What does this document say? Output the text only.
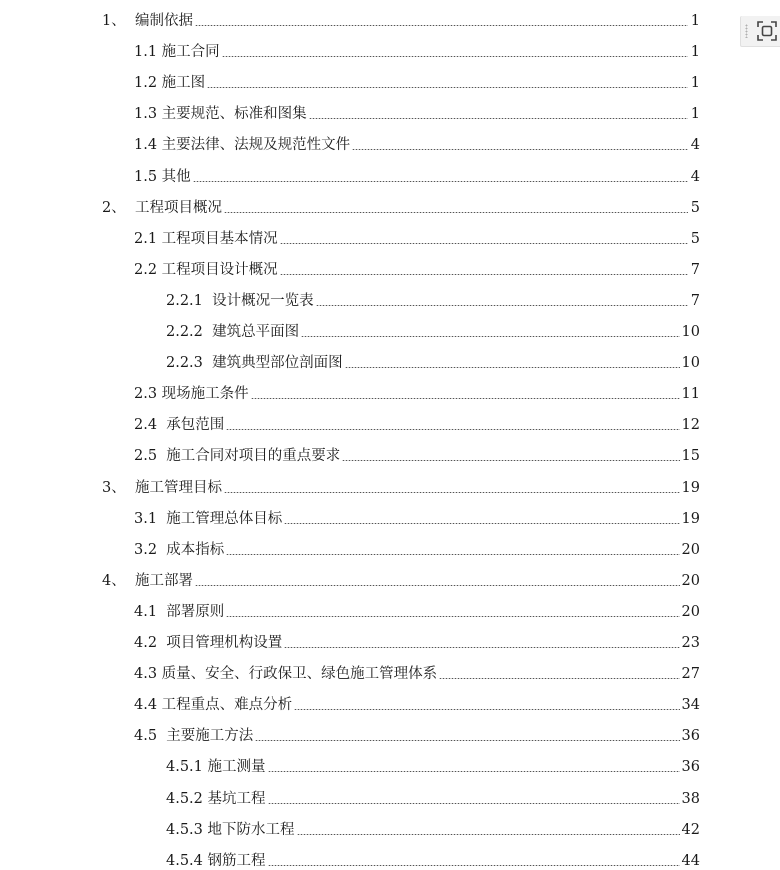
1、 编制依据	1
1.1 施工合同	1
1.2 施工图	1
1.3 主要规范、标准和图集	1
1.4 主要法律、法规及规范性文件	4
1.5 其他	4
2、 工程项目概况	5
2.1 工程项目基本情况	5
2.2 工程项目设计概况	7
2.2.1 设计概况一览表	7
2.2.2 建筑总平面图	10
2.2.3 建筑典型部位剖面图	10
2.3 现场施工条件	11
2.4 承包范围	12
2.5 施工合同对项目的重点要求	15
3、 施工管理目标	19
3.1 施工管理总体目标	19
3.2 成本指标	20
4、 施工部署	20
4.1 部署原则	20
4.2 项目管理机构设置	23
4.3 质量、安全、行政保卫、绿色施工管理体系	27
4.4 工程重点、难点分析	34
4.5 主要施工方法	36
4.5.1 施工测量	36
4.5.2 基坑工程	38
4.5.3 地下防水工程	42
4.5.4 钢筋工程	44
